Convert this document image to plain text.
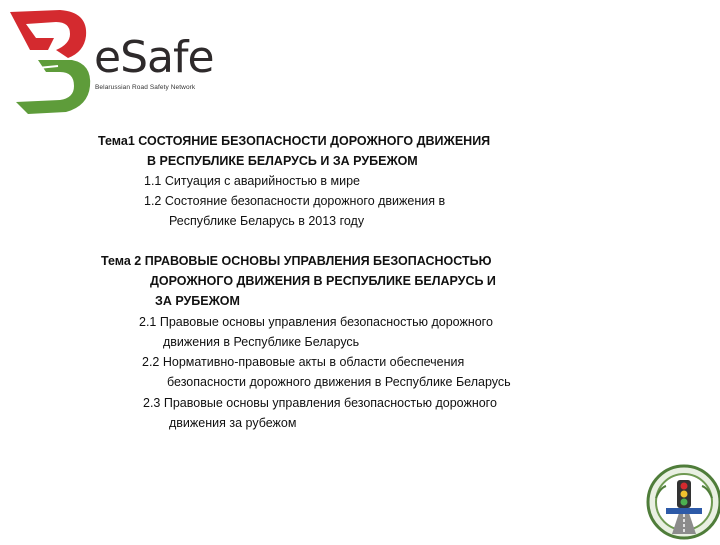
eSafe
Belarussian Road Safety Network
Тема1 СОСТОЯНИЕ БЕЗОПАСНОСТИ ДОРОЖНОГО ДВИЖЕНИЯ
В РЕСПУБЛИКЕ БЕЛАРУСЬ И ЗА РУБЕЖОМ
1.1 Ситуация с аварийностью в мире
1.2 Состояние безопасности дорожного движения в
Республике Беларусь в 2013 году
Тема 2 ПРАВОВЫЕ ОСНОВЫ УПРАВЛЕНИЯ БЕЗОПАСНОСТЬЮ
ДОРОЖНОГО ДВИЖЕНИЯ В РЕСПУБЛИКЕ БЕЛАРУСЬ И
ЗА РУБЕЖОМ
2.1 Правовые основы управления безопасностью дорожного
движения в Республике Беларусь
2.2 Нормативно-правовые акты в области обеспечения
безопасности дорожного движения в Республике Беларусь
2.3 Правовые основы управления безопасностью дорожного
движения за рубежом
